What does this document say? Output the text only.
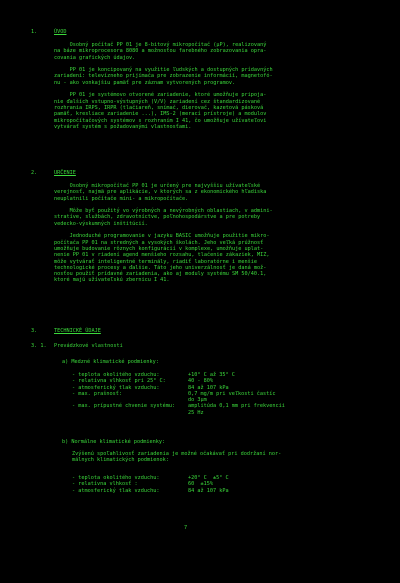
1.	ÚVOD

Osobný počítač PP 01 je 8-bitový mikropočítač (μP), realizovaný

na báze mikroprocesora 8080 a možnosťou farebného zobrazovania opra-

covania grafických údajov.

PP 01 je koncipovaný na využitie ľudských a dostupných prídavných

zariadení: televízneho prijímača pre zobrazenie informácií, magnetofó-

nu - ako vonkajšiu pamäť pre záznam vytvorených programov.

PP 01 je systémovo otvorené zariadenie, ktoré umožňuje pripoja-

nie ďalších vstupno-výstupných (V/V) zariadení cez štandardizované

rozhrania IRPS, IRPR (tlačiareň, snímač, dierovač, kazetová pásková

pamäť, kresliace zariadenie ...), IMS-2 (merací prístroje) a modulov

mikropočítačových systémov s rozhraním I 41, čo umožňuje užívateľovi

vytvárať systém s požadovanými vlastnosťami.

2.	URČENIE

Osobný mikropočítač PP 01 je určený pre najvyššiu užívateľské

verejnosť, najmä pre aplikácie, v ktorých sa z ekonomického hľadiska

neuplatnili počítače mini- a mikropočítače.

Môže byť použitý vo výrobných a nevýrobných oblastiach, v admini-

stratíve, službách, zdravotníctve, poľnohospodárstve a pre potreby

vedecko-výskumných inštitúcií.

Jednoduché programovanie v jazyku BASIC umožňuje použitie mikro-

počítača PP 01 na stredných a vysokých školách. Jeho veľká prúžnosť

umožňuje budovanie rôznych konfigurácií v komplexe, umožňuje uplat-

nenie PP 01 v riadení agend menšieho rozsahu, tlačenie zákaziek, MIZ,

môže vytvárať inteligentné terminály, riadiť laboratórne i menšie

technologické procesy a ďalšie. Táto jeho univerzálnosť je daná mož-

nosťou použiť prídavné zariadenia, ako aj moduly systému SM 50/40.1,

ktoré majú užívateľskú zbernicu I 41.

3.	TECHNICKÉ ÚDAJE
3. 1. Prevádzkové vlastnosti
a) Medzné klimatické podmienky:
- teplota okolitého vzduchu:	+10° C až 35° C
- relatívna vlhkosť pri 25° C:	40 - 80%
- atmosferický tlak vzduchu:	84 až 107 kPa
- max. prašnosť:	0,7 mg/m pri veľkosti častíc
do 3μm
- max. prípustné chvenie systému:	amplitúda 0,1 mm pri frekvencii
25 Hz
b) Normálne klimatické podmienky:

Zvýšenú spoľahlivosť zariadenia je možné očakávať pri dodržaní nor-

málnych klimatických podmienok:

- teplota okolitého vzduchu:	+20° C  ±5° C
- relatívna vlhkosť :	60  ±15%
- atmosferický tlak vzduchu:	84 až 107 kPa
7
